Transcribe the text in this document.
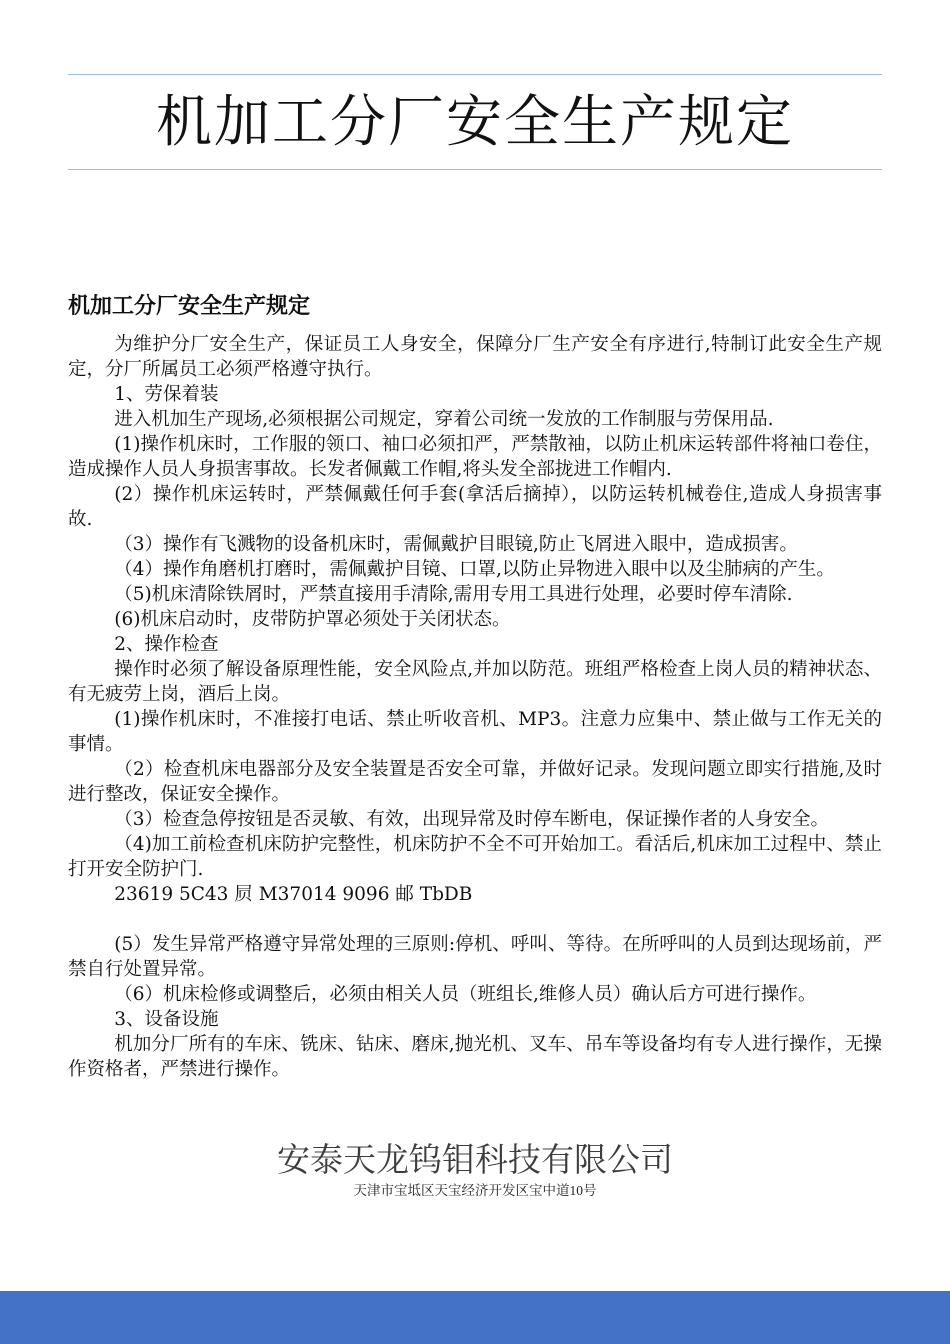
机加工分厂安全生产规定
机加工分厂安全生产规定

为维护分厂安全生产，保证员工人身安全，保障分厂生产安全有序进行,特制订此安全生产规定，分厂所属员工必须严格遵守执行。

1、劳保着装

进入机加生产现场,必须根据公司规定，穿着公司统一发放的工作制服与劳保用品.

(1)操作机床时，工作服的领口、袖口必须扣严，严禁散袖，以防止机床运转部件将袖口卷住，造成操作人员人身损害事故。长发者佩戴工作帽,将头发全部拢进工作帽内.

(2）操作机床运转时，严禁佩戴任何手套(拿活后摘掉），以防运转机械卷住,造成人身损害事故.

（3）操作有飞溅物的设备机床时，需佩戴护目眼镜,防止飞屑进入眼中，造成损害。

（4）操作角磨机打磨时，需佩戴护目镜、口罩,以防止异物进入眼中以及尘肺病的产生。

（5)机床清除铁屑时，严禁直接用手清除,需用专用工具进行处理，必要时停车清除.

(6)机床启动时，皮带防护罩必须处于关闭状态。

2、操作检查

操作时必须了解设备原理性能，安全风险点,并加以防范。班组严格检查上岗人员的精神状态、有无疲劳上岗，酒后上岗。

(1)操作机床时，不准接打电话、禁止听收音机、MP3。注意力应集中、禁止做与工作无关的事情。

（2）检查机床电器部分及安全装置是否安全可靠，并做好记录。发现问题立即实行措施,及时进行整改，保证安全操作。

（3）检查急停按钮是否灵敏、有效，出现异常及时停车断电，保证操作者的人身安全。

（4)加工前检查机床防护完整性，机床防护不全不可开始加工。看活后,机床加工过程中、禁止打开安全防护门.

23619 5C43 屃 M37014 9096 邮 TbDB

(5）发生异常严格遵守异常处理的三原则:停机、呼叫、等待。在所呼叫的人员到达现场前，严禁自行处置异常。

（6）机床检修或调整后，必须由相关人员（班组长,维修人员）确认后方可进行操作。

3、设备设施

机加分厂所有的车床、铣床、钻床、磨床,抛光机、叉车、吊车等设备均有专人进行操作，无操作资格者，严禁进行操作。

安泰天龙钨钼科技有限公司
天津市宝坻区天宝经济开发区宝中道10号
